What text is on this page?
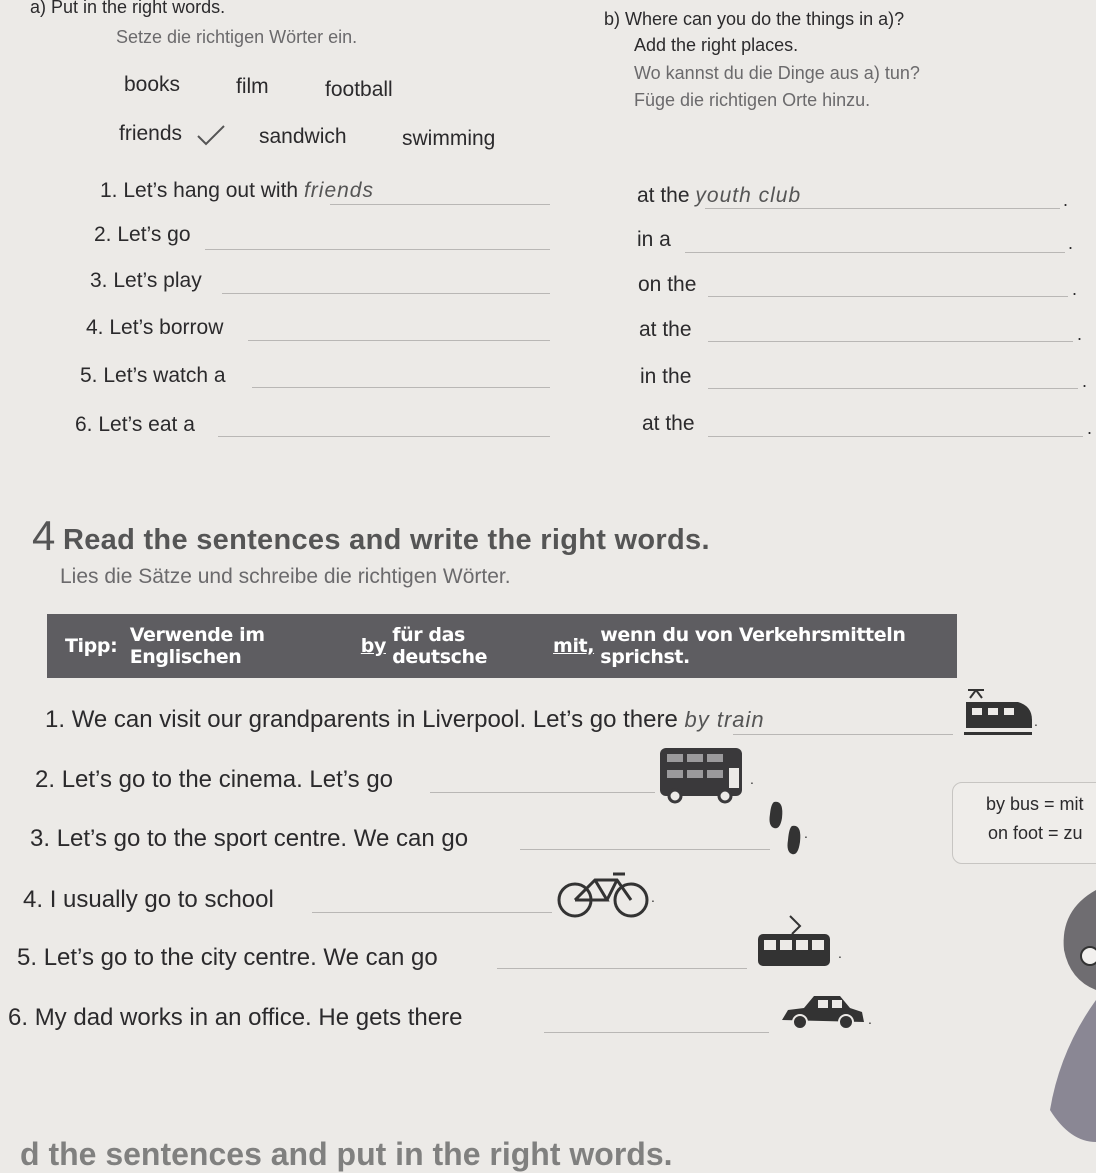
a) Put in the right words.
Setze die richtigen Wörter ein.
books	film	football
friends	sandwich	swimming
1. Let’s hang out with friends
2. Let’s go
3. Let’s play
4. Let’s borrow
5. Let’s watch a
6. Let’s eat a
b) Where can you do the things in a)?
Add the right places.
Wo kannst du die Dinge aus a) tun?
Füge die richtigen Orte hinzu.
at the youth club	.
in a	.
on the	.
at the	.
in the	.
at the	.
4 Read the sentences and write the right words.
Lies die Sätze und schreibe die richtigen Wörter.
Tipp:
Verwende im Englischen
	by
für das deutsche
	mit,
wenn du von Verkehrsmitteln sprichst.
1. We can visit our grandparents in Liverpool. Let’s go there by train
2. Let’s go to the cinema. Let’s go
3. Let’s go to the sport centre. We can go
4. I usually go to school
5. Let’s go to the city centre. We can go
6. My dad works in an office. He gets there
.
.
.
.
.
.
by bus = mit
on foot = zu
d the sentences and put in the right words.
